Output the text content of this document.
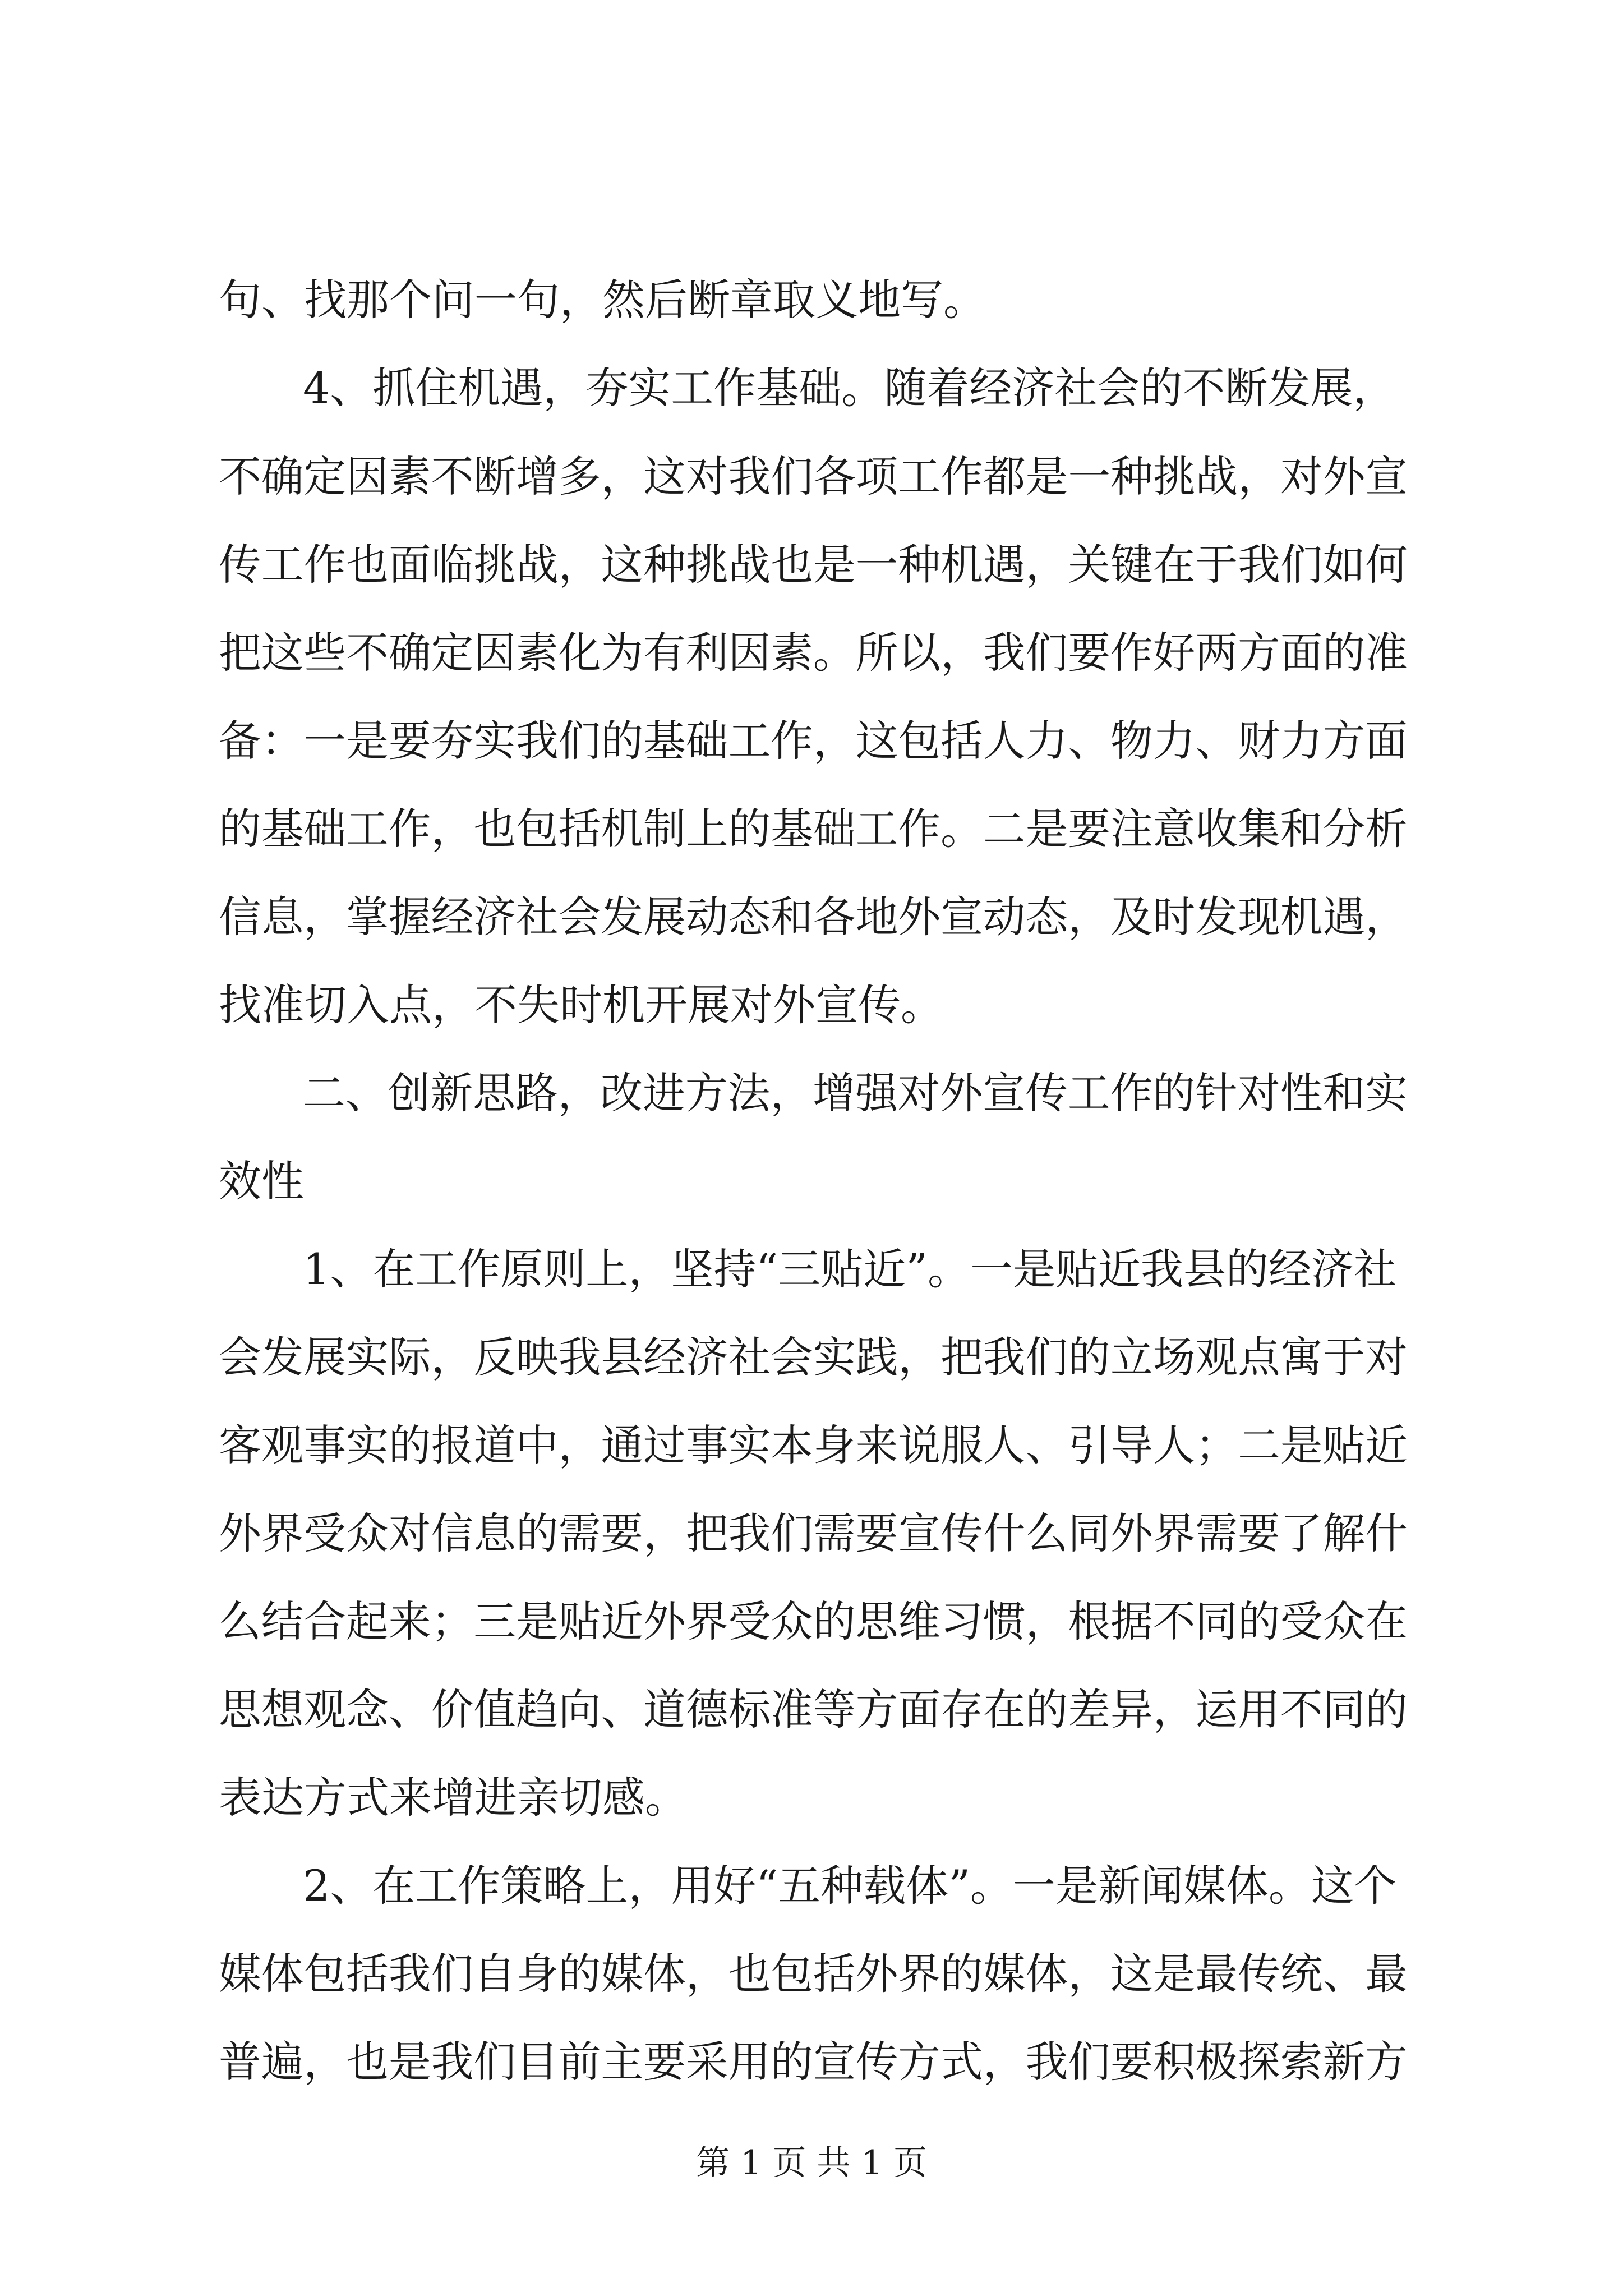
句、找那个问一句，然后断章取义地写。
4、抓住机遇，夯实工作基础。随着经济社会的不断发展，
不确定因素不断增多，这对我们各项工作都是一种挑战，对外宣
传工作也面临挑战，这种挑战也是一种机遇，关键在于我们如何
把这些不确定因素化为有利因素。所以，我们要作好两方面的准
备：一是要夯实我们的基础工作，这包括人力、物力、财力方面
的基础工作，也包括机制上的基础工作。二是要注意收集和分析
信息，掌握经济社会发展动态和各地外宣动态，及时发现机遇，
找准切入点，不失时机开展对外宣传。
二、创新思路，改进方法，增强对外宣传工作的针对性和实
效性
1、在工作原则上，坚持“三贴近”。一是贴近我县的经济社
会发展实际，反映我县经济社会实践，把我们的立场观点寓于对
客观事实的报道中，通过事实本身来说服人、引导人；二是贴近
外界受众对信息的需要，把我们需要宣传什么同外界需要了解什
么结合起来；三是贴近外界受众的思维习惯，根据不同的受众在
思想观念、价值趋向、道德标准等方面存在的差异，运用不同的
表达方式来增进亲切感。
2、在工作策略上，用好“五种载体”。一是新闻媒体。这个
媒体包括我们自身的媒体，也包括外界的媒体，这是最传统、最
普遍，也是我们目前主要采用的宣传方式，我们要积极探索新方
第 1 页 共 1 页
